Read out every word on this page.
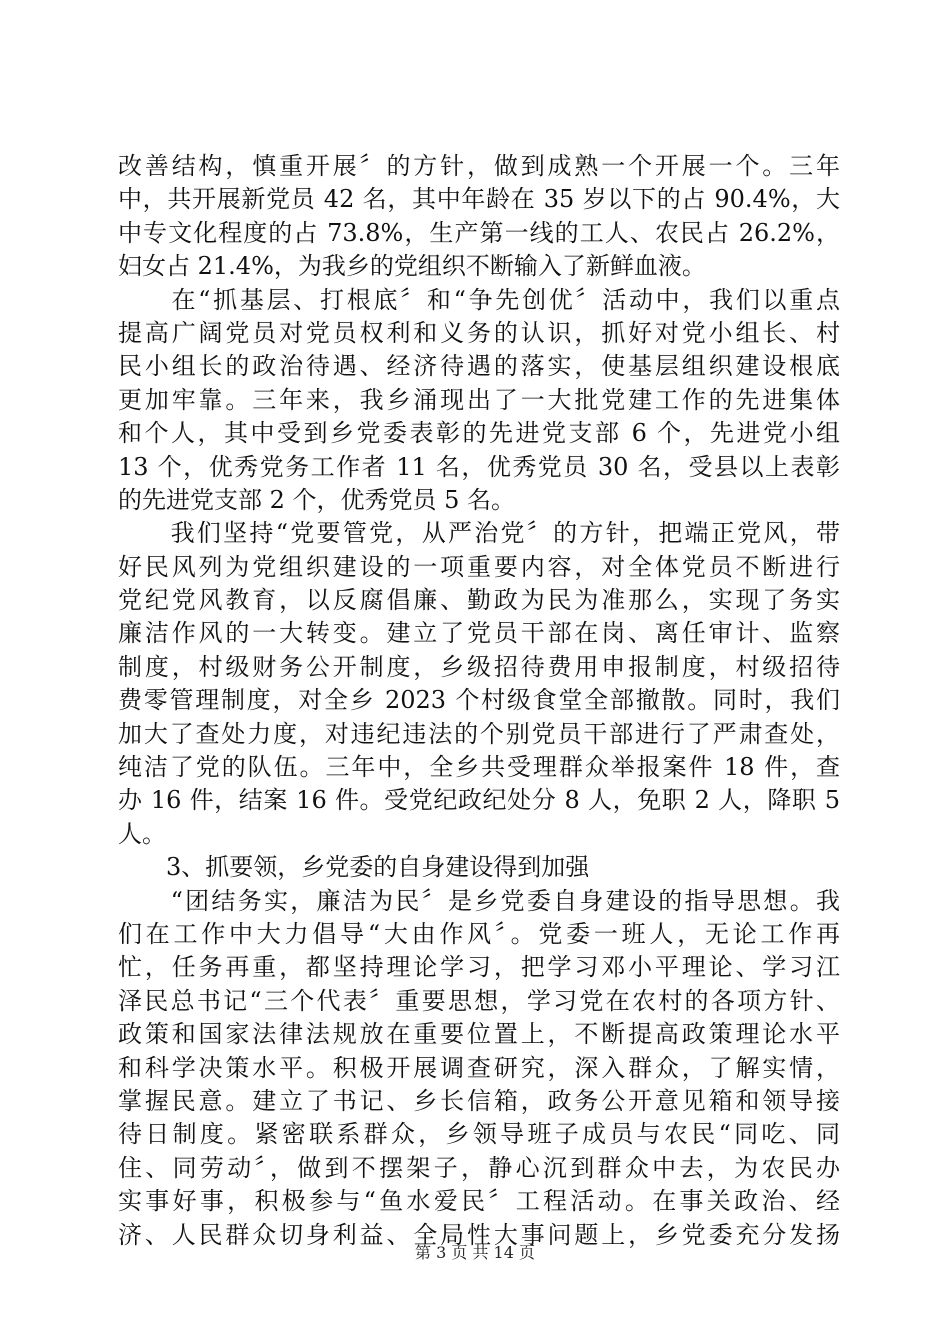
改善结构，慎重开展〞的方针，做到成熟一个开展一个。三年
中，共开展新党员 42 名，其中年龄在 35 岁以下的占 90.4%，大
中专文化程度的占 73.8%，生产第一线的工人、农民占 26.2%，
妇女占 21.4%，为我乡的党组织不断输入了新鲜血液。
　　在“抓基层、打根底〞和“争先创优〞活动中，我们以重点
提高广阔党员对党员权利和义务的认识，抓好对党小组长、村
民小组长的政治待遇、经济待遇的落实，使基层组织建设根底
更加牢靠。三年来，我乡涌现出了一大批党建工作的先进集体
和个人，其中受到乡党委表彰的先进党支部 6 个，先进党小组
13 个，优秀党务工作者 11 名，优秀党员 30 名，受县以上表彰
的先进党支部 2 个，优秀党员 5 名。
　　我们坚持“党要管党，从严治党〞的方针，把端正党风，带
好民风列为党组织建设的一项重要内容，对全体党员不断进行
党纪党风教育，以反腐倡廉、勤政为民为准那么，实现了务实
廉洁作风的一大转变。建立了党员干部在岗、离任审计、监察
制度，村级财务公开制度，乡级招待费用申报制度，村级招待
费零管理制度，对全乡 2023 个村级食堂全部撤散。同时，我们
加大了查处力度，对违纪违法的个别党员干部进行了严肃查处，
纯洁了党的队伍。三年中，全乡共受理群众举报案件 18 件，查
办 16 件，结案 16 件。受党纪政纪处分 8 人，免职 2 人，降职 5
人。
　　3、抓要领，乡党委的自身建设得到加强
　　“团结务实，廉洁为民〞是乡党委自身建设的指导思想。我
们在工作中大力倡导“大由作风〞。党委一班人，无论工作再
忙，任务再重，都坚持理论学习，把学习邓小平理论、学习江
泽民总书记“三个代表〞重要思想，学习党在农村的各项方针、
政策和国家法律法规放在重要位置上，不断提高政策理论水平
和科学决策水平。积极开展调查研究，深入群众，了解实情，
掌握民意。建立了书记、乡长信箱，政务公开意见箱和领导接
待日制度。紧密联系群众，乡领导班子成员与农民“同吃、同
住、同劳动〞，做到不摆架子，静心沉到群众中去，为农民办
实事好事，积极参与“鱼水爱民〞工程活动。在事关政治、经
济、人民群众切身利益、全局性大事问题上，乡党委充分发扬
第 3 页 共 14 页
